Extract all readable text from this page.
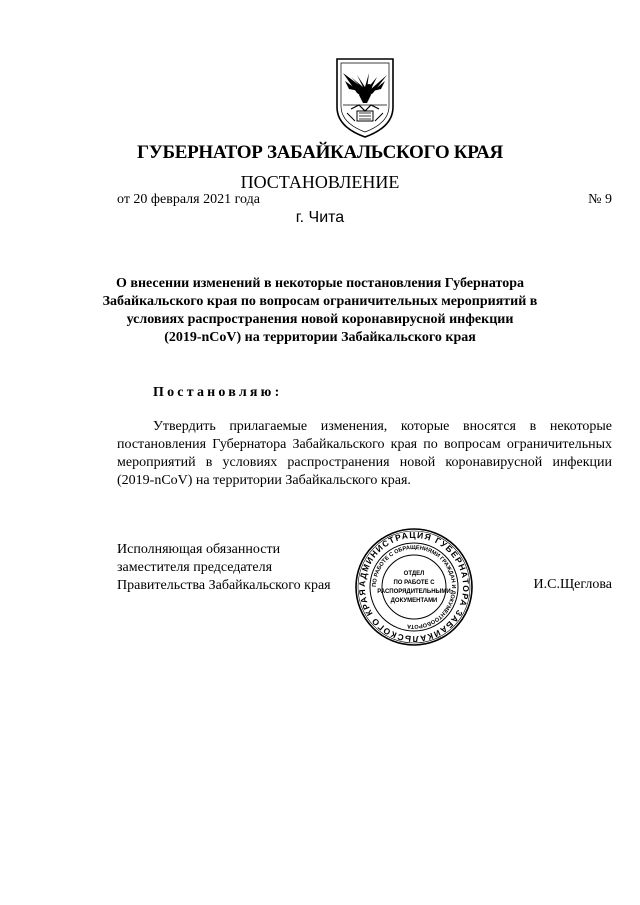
ГУБЕРНАТОР ЗАБАЙКАЛЬСКОГО КРАЯ
ПОСТАНОВЛЕНИЕ
от 20 февраля 2021 года	№ 9
г. Чита
О внесении изменений в некоторые постановления Губернатора
Забайкальского края по вопросам ограничительных мероприятий в
условиях распространения новой коронавирусной инфекции
(2019-nCoV) на территории Забайкальского края
Постановляю:
Утвердить прилагаемые изменения, которые вносятся в некоторые постановления Губернатора Забайкальского края по вопросам ограничительных мероприятий в условиях распространения новой коронавирусной инфекции (2019-nCoV) на территории Забайкальского края.
Исполняющая обязанности
заместителя председателя
Правительства Забайкальского края	И.С.Щеглова
АДМИНИСТРАЦИЯ ГУБЕРНАТОРА ЗАБАЙКАЛЬСКОГО КРАЯ
ПО РАБОТЕ С ОБРАЩЕНИЯМИ ГРАЖДАН И ДОКУМЕНТООБОРОТА
ОТДЕЛ
ПО РАБОТЕ С
РАСПОРЯДИТЕЛЬНЫМИ
ДОКУМЕНТАМИ
